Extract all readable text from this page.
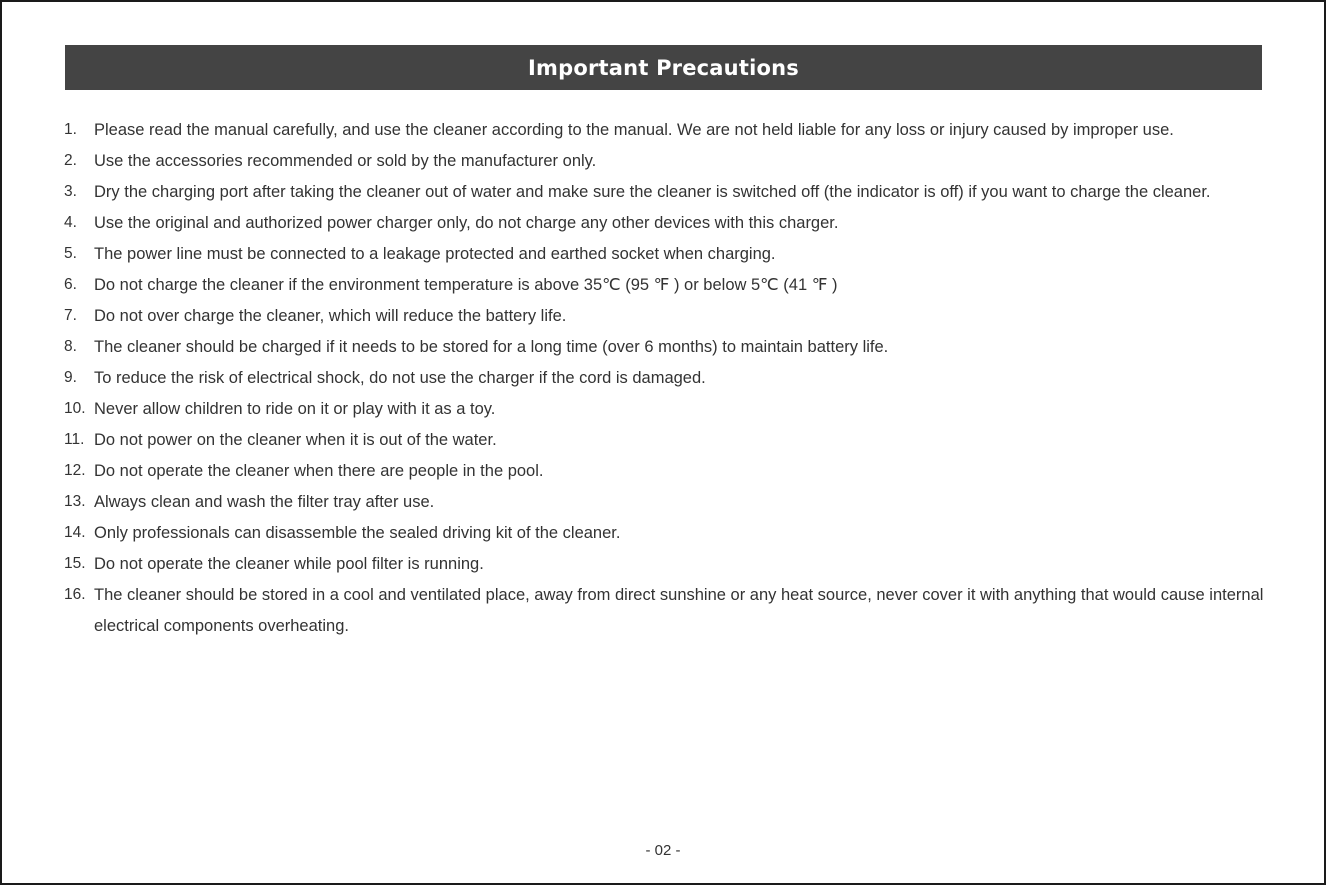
Important Precautions
1.	Please read the manual carefully, and use the cleaner according to the manual. We are not held liable for any loss or injury caused by improper use.
2.	Use the accessories recommended or sold by the manufacturer only.
3.	Dry the charging port after taking the cleaner out of water and make sure the cleaner is switched off (the indicator is off) if you want to charge the cleaner.
4.	Use the original and authorized power charger only, do not charge any other devices with this charger.
5.	The power line must be connected to a leakage protected and earthed socket when charging.
6.	Do not charge the cleaner if the environment temperature is above 35℃ (95 ℉ ) or below 5℃ (41 ℉ )
7.	Do not over charge the cleaner, which will reduce the battery life.
8.	The cleaner should be charged if it needs to be stored for a long time (over 6 months) to maintain battery life.
9.	To reduce the risk of electrical shock, do not use the charger if the cord is damaged.
10. Never allow children to ride on it or play with it as a toy.
11. Do not power on the cleaner when it is out of the water.
12. Do not operate the cleaner when there are people in the pool.
13. Always clean and wash the filter tray after use.
14. Only professionals can disassemble the sealed driving kit of the cleaner.
15. Do not operate the cleaner while pool filter is running.
16. The cleaner should be stored in a cool and ventilated place, away from direct sunshine or any heat source, never cover it with anything that would cause internal electrical components overheating.
- 02 -
